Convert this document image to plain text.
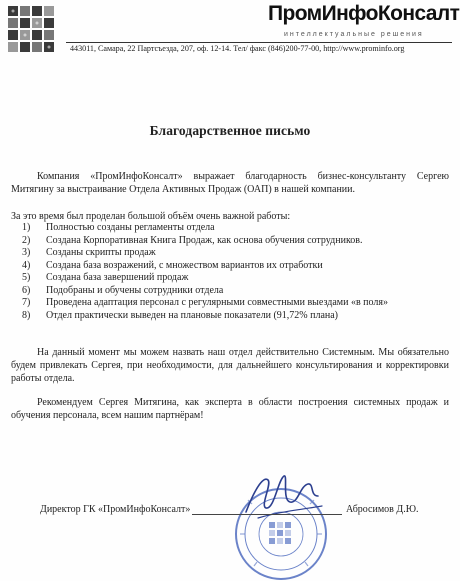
ПромИнфоКонсалт
интеллектуальные решения
443011, Самара, 22 Партсъезда, 207, оф. 12-14. Тел/ факс (846)200-77-00, http://www.prominfo.org
Благодарственное письмо
Компания «ПромИнфоКонсалт» выражает благодарность бизнес-консультанту Сергею Митягину за выстраивание Отдела Активных Продаж (ОАП) в нашей компании.
За это время был проделан большой объём очень важной работы:
1)	Полностью созданы регламенты отдела
2)	Создана Корпоративная Книга Продаж, как основа обучения сотрудников.
3)	Созданы скрипты продаж
4)	Создана база возражений, с множеством вариантов их отработки
5)	Создана база завершений продаж
6)	Подобраны и обучены сотрудники отдела
7)	Проведена адаптация персонал с регулярными совместными выездами «в поля»
8)	Отдел практически выведен на плановые показатели (91,72% плана)
На данный момент мы можем назвать наш отдел действительно Системным. Мы обязательно будем привлекать Сергея, при необходимости, для дальнейшего консультирования и корректировки работы отдела.
Рекомендуем Сергея Митягина, как эксперта в области построения системных продаж и обучения персонала, всем нашим партнёрам!
Директор ГК «ПромИнфоКонсалт»	Абросимов Д.Ю.
